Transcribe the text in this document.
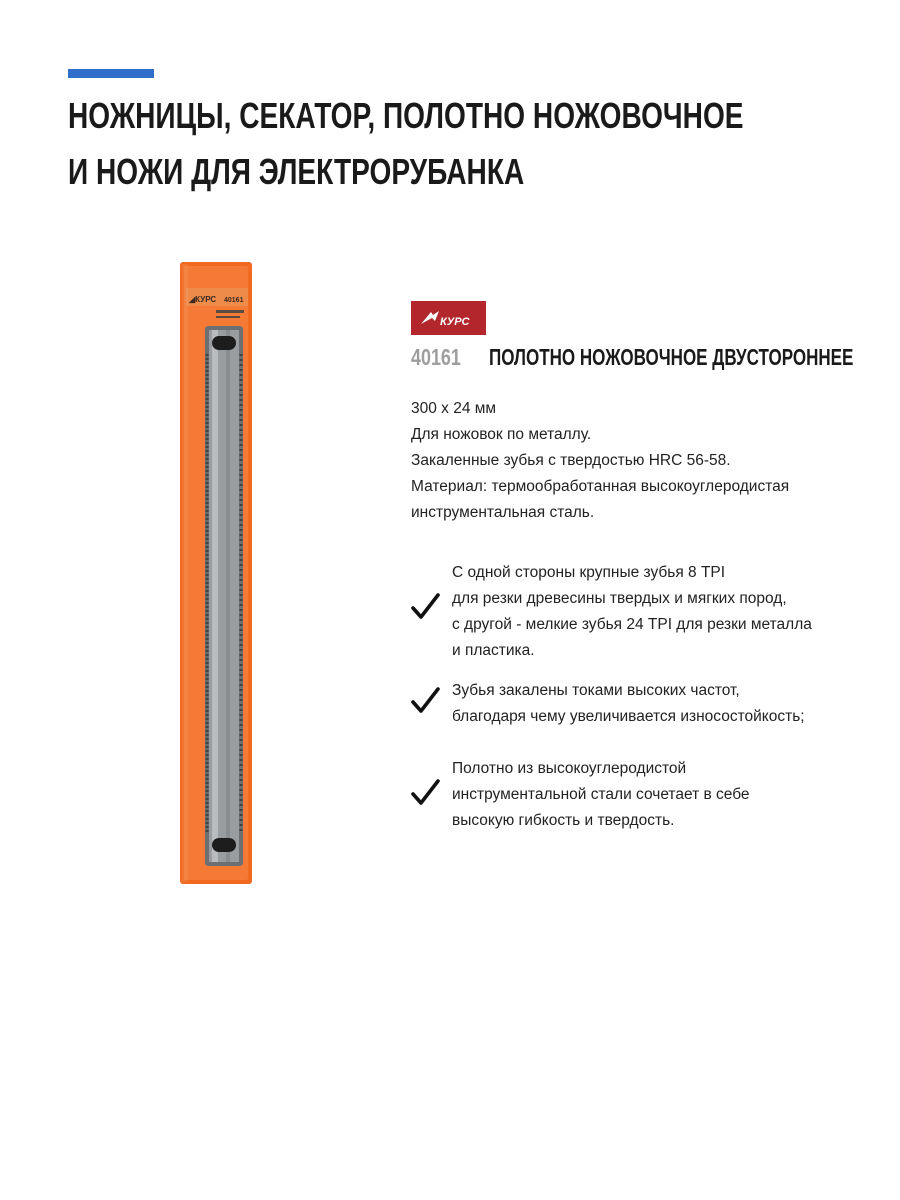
НОЖНИЦЫ, СЕКАТОР, ПОЛОТНО НОЖОВОЧНОЕ
И НОЖИ ДЛЯ ЭЛЕКТРОРУБАНКА
◢КУРС 40161
КУРС
40161 ПОЛОТНО НОЖОВОЧНОЕ ДВУСТОРОННЕЕ
300 х 24 мм
Для ножовок по металлу.
Закаленные зубья с твердостью HRC 56-58.
Материал: термообработанная высокоуглеродистая
инструментальная сталь.
С одной стороны крупные зубья 8 TPI
для резки древесины твердых и мягких пород,
с другой - мелкие зубья 24 TPI для резки металла
и пластика.
Зубья закалены токами высоких частот,
благодаря чему увеличивается износостойкость;
Полотно из высокоуглеродистой
инструментальной стали сочетает в себе
высокую гибкость и твердость.
